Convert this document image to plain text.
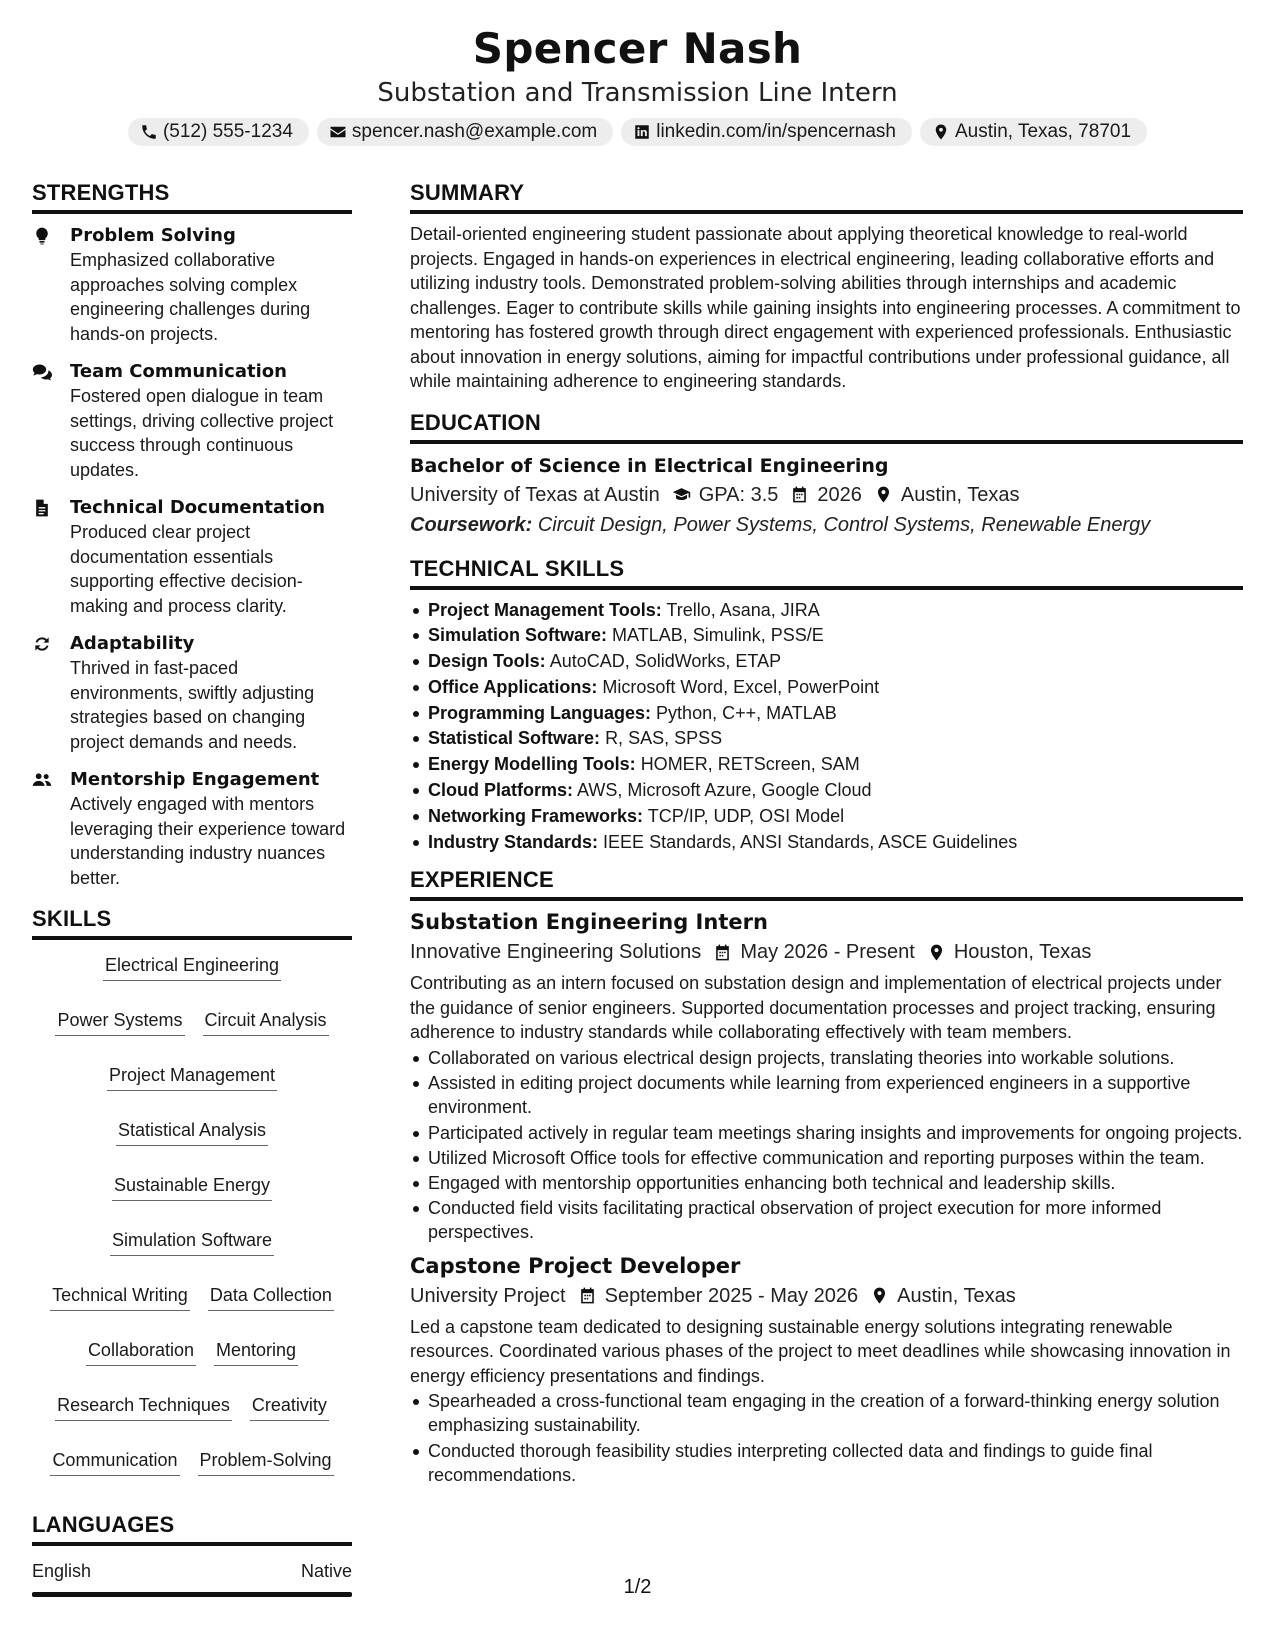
Spencer Nash
Substation and Transmission Line Intern
(512) 555-1234	spencer.nash@example.com	linkedin.com/in/spencernash	Austin, Texas, 78701
STRENGTHS
Problem Solving
Emphasized collaborative approaches solving complex engineering challenges during hands-on projects.
Team Communication
Fostered open dialogue in team settings, driving collective project success through continuous updates.
Technical Documentation
Produced clear project documentation essentials supporting effective decision-making and process clarity.
Adaptability
Thrived in fast-paced environments, swiftly adjusting strategies based on changing project demands and needs.
Mentorship Engagement
Actively engaged with mentors leveraging their experience toward understanding industry nuances better.
SKILLS
Electrical Engineering
Power Systems Circuit Analysis
Project Management
Statistical Analysis
Sustainable Energy
Simulation Software
Technical Writing Data Collection
Collaboration Mentoring
Research Techniques Creativity
Communication Problem-Solving
LANGUAGES
English	Native
SUMMARY
Detail-oriented engineering student passionate about applying theoretical knowledge to real-world projects. Engaged in hands-on experiences in electrical engineering, leading collaborative efforts and utilizing industry tools. Demonstrated problem-solving abilities through internships and academic challenges. Eager to contribute skills while gaining insights into engineering processes. A commitment to mentoring has fostered growth through direct engagement with experienced professionals. Enthusiastic about innovation in energy solutions, aiming for impactful contributions under professional guidance, all while maintaining adherence to engineering standards.
EDUCATION
Bachelor of Science in Electrical Engineering
University of Texas at Austin GPA: 3.5 2026 Austin, Texas
Coursework: Circuit Design, Power Systems, Control Systems, Renewable Energy
TECHNICAL SKILLS
Project Management Tools: Trello, Asana, JIRA
Simulation Software: MATLAB, Simulink, PSS/E
Design Tools: AutoCAD, SolidWorks, ETAP
Office Applications: Microsoft Word, Excel, PowerPoint
Programming Languages: Python, C++, MATLAB
Statistical Software: R, SAS, SPSS
Energy Modelling Tools: HOMER, RETScreen, SAM
Cloud Platforms: AWS, Microsoft Azure, Google Cloud
Networking Frameworks: TCP/IP, UDP, OSI Model
Industry Standards: IEEE Standards, ANSI Standards, ASCE Guidelines
EXPERIENCE
Substation Engineering Intern
Innovative Engineering Solutions May 2026 - Present Houston, Texas
Contributing as an intern focused on substation design and implementation of electrical projects under the guidance of senior engineers. Supported documentation processes and project tracking, ensuring adherence to industry standards while collaborating effectively with team members.
Collaborated on various electrical design projects, translating theories into workable solutions.
Assisted in editing project documents while learning from experienced engineers in a supportive environment.
Participated actively in regular team meetings sharing insights and improvements for ongoing projects.
Utilized Microsoft Office tools for effective communication and reporting purposes within the team.
Engaged with mentorship opportunities enhancing both technical and leadership skills.
Conducted field visits facilitating practical observation of project execution for more informed perspectives.
Capstone Project Developer
University Project September 2025 - May 2026 Austin, Texas
Led a capstone team dedicated to designing sustainable energy solutions integrating renewable resources. Coordinated various phases of the project to meet deadlines while showcasing innovation in energy efficiency presentations and findings.
Spearheaded a cross-functional team engaging in the creation of a forward-thinking energy solution emphasizing sustainability.
Conducted thorough feasibility studies interpreting collected data and findings to guide final recommendations.
1/2
